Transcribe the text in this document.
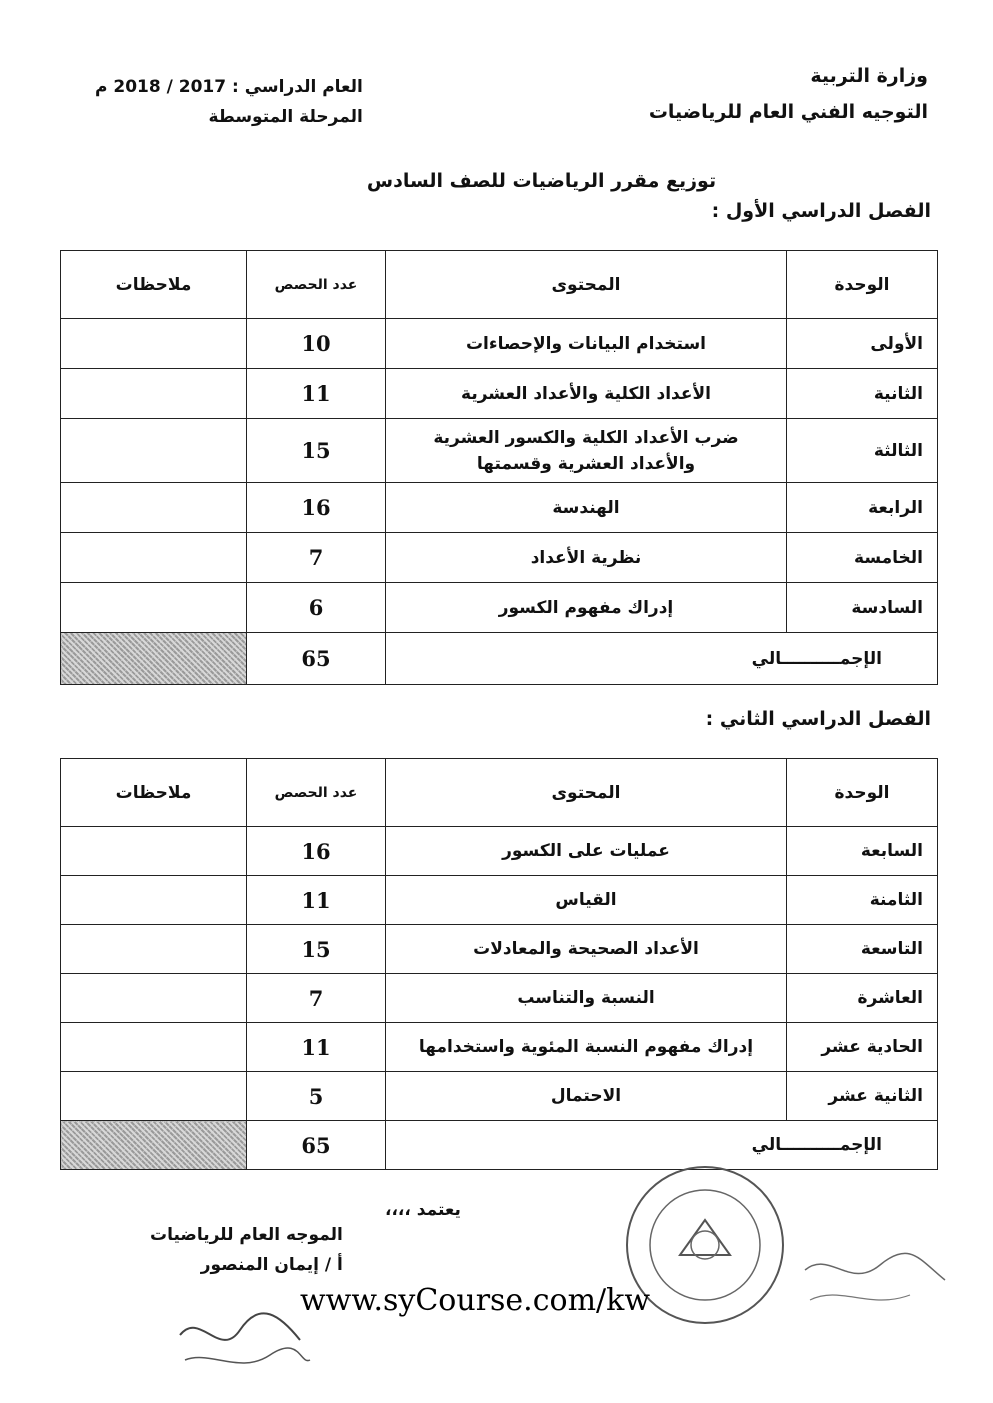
وزارة التربية
التوجيه الفني العام للرياضيات
العام الدراسي : 2017 / 2018 م
المرحلة المتوسطة
توزيع مقرر الرياضيات للصف السادس
الفصل الدراسي الأول :
الوحدة	المحتوى	عدد الحصص	ملاحظات
الأولى	استخدام البيانات والإحصاءات	10	
الثانية	الأعداد الكلية والأعداد العشرية	11	
الثالثة	ضرب الأعداد الكلية والكسور العشرية والأعداد العشرية وقسمتها	15	
الرابعة	الهندسة	16	
الخامسة	نظرية الأعداد	7	
السادسة	إدراك مفهوم الكسور	6	
الإجمــــــــــالي		65	
الفصل الدراسي الثاني :
الوحدة	المحتوى	عدد الحصص	ملاحظات
السابعة	عمليات على الكسور	16	
الثامنة	القياس	11	
التاسعة	الأعداد الصحيحة والمعادلات	15	
العاشرة	النسبة والتناسب	7	
الحادية عشر	إدراك مفهوم النسبة المئوية واستخدامها	11	
الثانية عشر	الاحتمال	5	
الإجمــــــــــالي		65	
يعتمد ،،،،
الموجه العام للرياضيات
أ / إيمان المنصور
www.syCourse.com/kw
